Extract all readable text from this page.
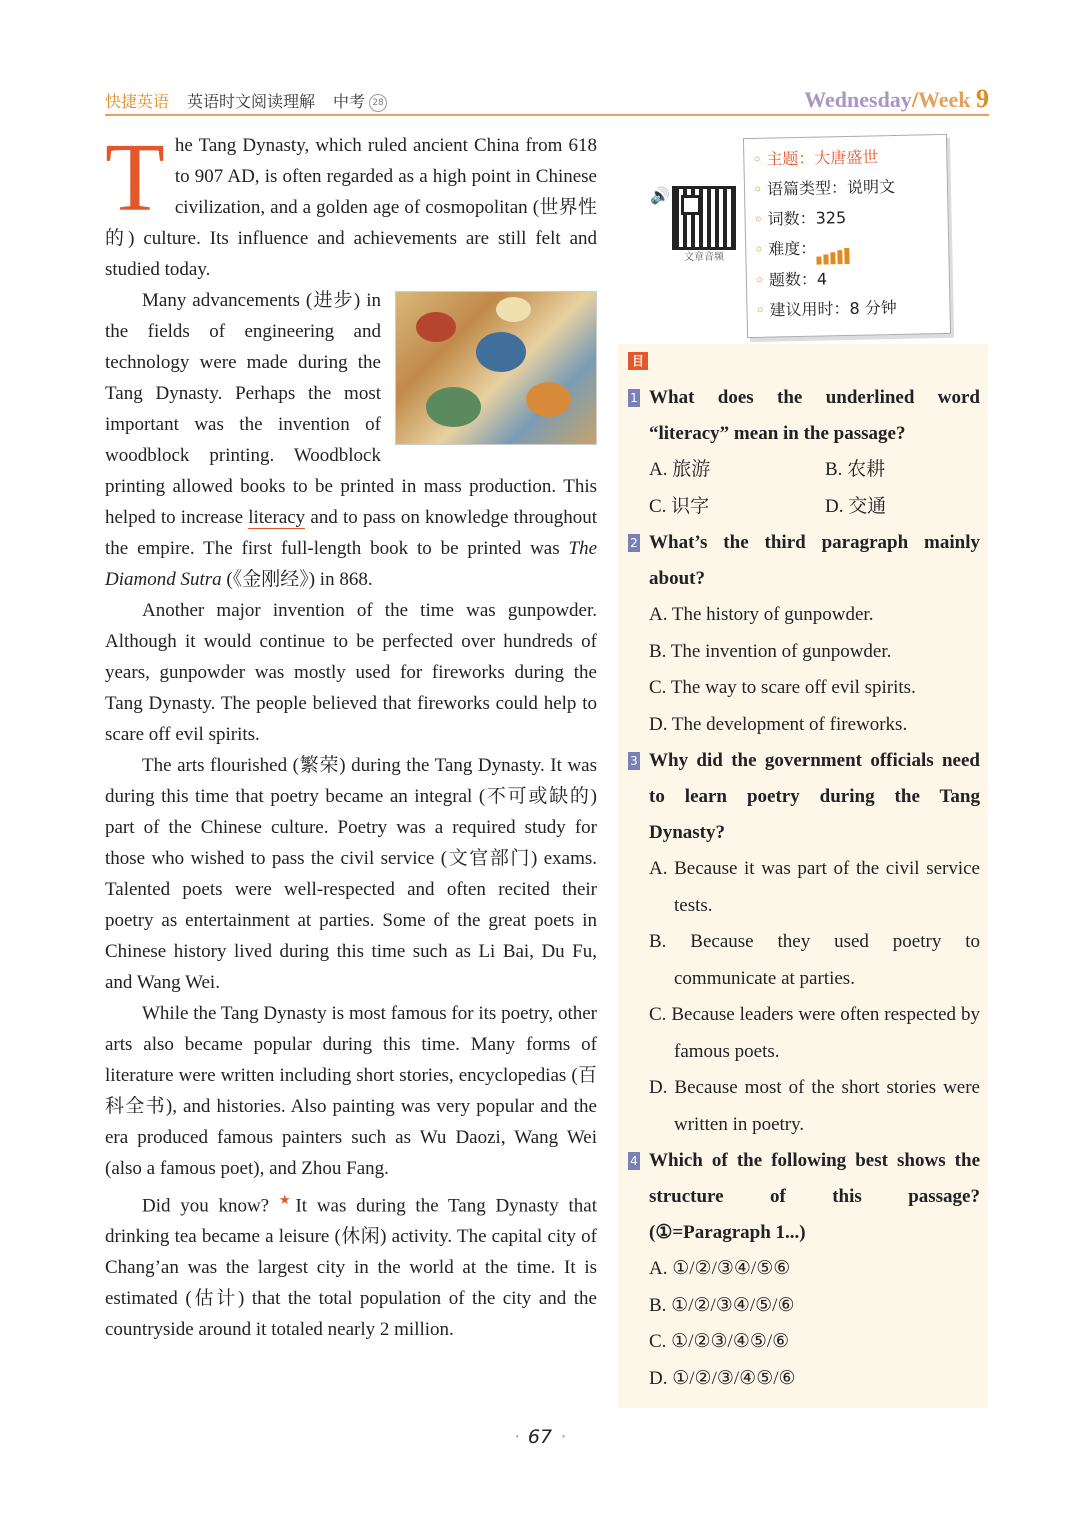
快捷英语 英语时文阅读理解 中考 28	Wednesday/Week 9

The Tang Dynasty, which ruled ancient China from 618 to 907 AD, is often regarded as a high point in Chinese civilization, and a golden age of cosmopolitan (世界性的) culture. Its influence and achievements are still felt and studied today.

Many advancements (进步) in the fields of engineering and technology were made during the Tang Dynasty. Perhaps the most important was the invention of woodblock printing. Woodblock printing allowed books to be printed in mass production. This helped to increase literacy and to pass on knowledge throughout the empire. The first full-length book to be printed was The Diamond Sutra (《金刚经》) in 868.

Another major invention of the time was gunpowder. Although it would continue to be perfected over hundreds of years, gunpowder was mostly used for fireworks during the Tang Dynasty. The people believed that fireworks could help to scare off evil spirits.

The arts flourished (繁荣) during the Tang Dynasty. It was during this time that poetry became an integral (不可或缺的) part of the Chinese culture. Poetry was a required study for those who wished to pass the civil service (文官部门) exams. Talented poets were well-respected and often recited their poetry as entertainment at parties. Some of the great poets in Chinese history lived during this time such as Li Bai, Du Fu, and Wang Wei.

While the Tang Dynasty is most famous for its poetry, other arts also became popular during this time. Many forms of literature were written including short stories, encyclopedias (百科全书), and histories. Also painting was very popular and the era produced famous painters such as Wu Daozi, Wang Wei (also a famous poet), and Zhou Fang.

Did you know? ★It was during the Tang Dynasty that drinking tea became a leisure (休闲) activity. The capital city of Chang’an was the largest city in the world at the time. It is estimated (估计) that the total population of the city and the countryside around it totaled nearly 2 million.

🔊
文章音频
◦ 主题：大唐盛世
◦ 语篇类型：说明文
◦ 词数：325
◦ 难度：
◦ 题数：4
◦ 建议用时：8 分钟
目
1 What does the underlined word “literacy” mean in the passage?
A. 旅游	B. 农耕
C. 识字	D. 交通
2 What’s the third paragraph mainly about?
A. The history of gunpowder.
B. The invention of gunpowder.
C. The way to scare off evil spirits.
D. The development of fireworks.
3 Why did the government officials need to learn poetry during the Tang Dynasty?
A. Because it was part of the civil service tests.
B. Because they used poetry to communicate at parties.
C. Because leaders were often respected by famous poets.
D. Because most of the short stories were written in poetry.
4 Which of the following best shows the structure of this passage? (①=Paragraph 1...)
A. ①/②/③④/⑤⑥
B. ①/②/③④/⑤/⑥
C. ①/②③/④⑤/⑥
D. ①/②/③/④⑤/⑥
· 67 ·
